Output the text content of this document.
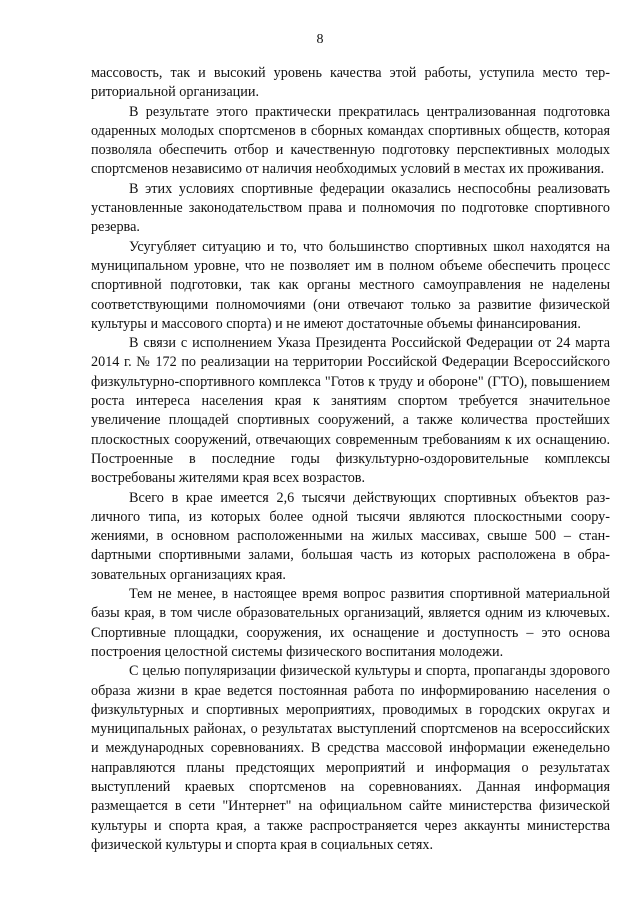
8

массовость, так и высокий уровень качества этой работы, уступила место территориальной организации.

В результате этого практически прекратилась централизованная подготовка одаренных молодых спортсменов в сборных командах спортивных обществ, которая позволяла обеспечить отбор и качественную подготовку перспективных молодых спортсменов независимо от наличия необходимых условий в местах их проживания.

В этих условиях спортивные федерации оказались неспособны реализовать установленные законодательством права и полномочия по подготовке спортивного резерва.

Усугубляет ситуацию и то, что большинство спортивных школ находятся на муниципальном уровне, что не позволяет им в полном объеме обеспечить процесс спортивной подготовки, так как органы местного самоуправления не наделены соответствующими полномочиями (они отвечают только за развитие физической культуры и массового спорта) и не имеют достаточные объемы финансирования.

В связи с исполнением Указа Президента Российской Федерации от 24 марта 2014 г. № 172 по реализации на территории Российской Федерации Всероссийского физкультурно-спортивного комплекса "Готов к труду и обороне" (ГТО), повышением роста интереса населения края к занятиям спортом требуется значительное увеличение площадей спортивных сооружений, а также количества простейших плоскостных сооружений, отвечающих современным требованиям к их оснащению. Построенные в последние годы физкультурно-оздоровительные комплексы востребованы жителями края всех возрастов.

Всего в крае имеется 2,6 тысячи действующих спортивных объектов различного типа, из которых более одной тысячи являются плоскостными сооружениями, в основном расположенными на жилых массивах, свыше 500 – станdартными спортивными залами, большая часть из которых расположена в образовательных организациях края.

Тем не менее, в настоящее время вопрос развития спортивной материальной базы края, в том числе образовательных организаций, является одним из ключевых. Спортивные площадки, сооружения, их оснащение и доступность – это основа построения целостной системы физического воспитания молодежи.

С целью популяризации физической культуры и спорта, пропаганды здорового образа жизни в крае ведется постоянная работа по информированию населения о физкультурных и спортивных мероприятиях, проводимых в городских округах и муниципальных районах, о результатах выступлений спортсменов на всероссийских и международных соревнованиях. В средства массовой информации еженедельно направляются планы предстоящих мероприятий и информация о результатах выступлений краевых спортсменов на соревнованиях. Данная информация размещается в сети "Интернет" на официальном сайте министерства физической культуры и спорта края, а также распространяется через аккаунты министерства физической культуры и спорта края в социальных сетях.
